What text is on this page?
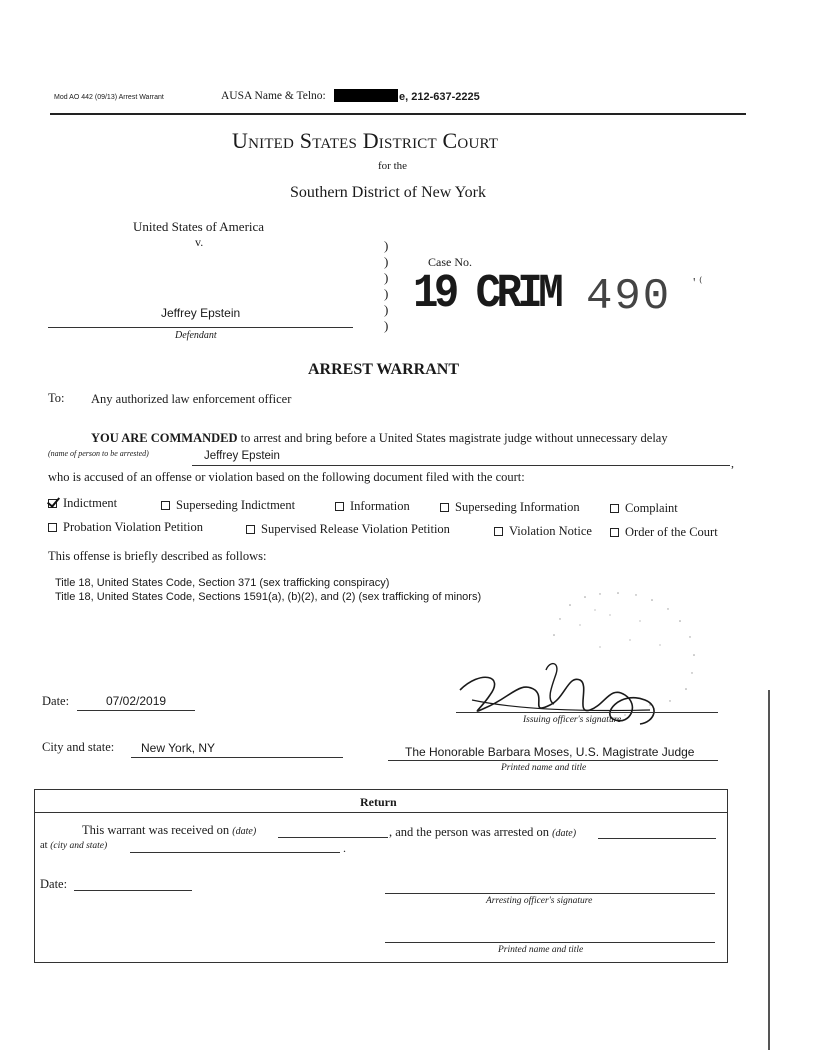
Mod AO 442 (09/13) Arrest Warrant	AUSA Name & Telno:	e, 212-637-2225
United States District Court
for the
Southern District of New York
United States of America
v.
Jeffrey Epstein
Defendant
)
)
)
)
)
)
Case No.
19 CRIM 490 ' ⁽
ARREST WARRANT
To: Any authorized law enforcement officer
YOU ARE COMMANDED to arrest and bring before a United States magistrate judge without unnecessary delay
(name of person to be arrested)	Jeffrey Epstein	,
who is accused of an offense or violation based on the following document filed with the court:
Indictment	Superseding Indictment	Information	Superseding Information	Complaint
Probation Violation Petition	Supervised Release Violation Petition	Violation Notice	Order of the Court
This offense is briefly described as follows:
Title 18, United States Code, Section 371 (sex trafficking conspiracy)
Title 18, United States Code, Sections 1591(a), (b)(2), and (2) (sex trafficking of minors)
Date:	07/02/2019
Issuing officer's signature
City and state: New York, NY	The Honorable Barbara Moses, U.S. Magistrate Judge
Printed name and title
Return
This warrant was received on (date)	, and the person was arrested on (date)
at (city and state)	.
Date:
Arresting officer's signature
Printed name and title
